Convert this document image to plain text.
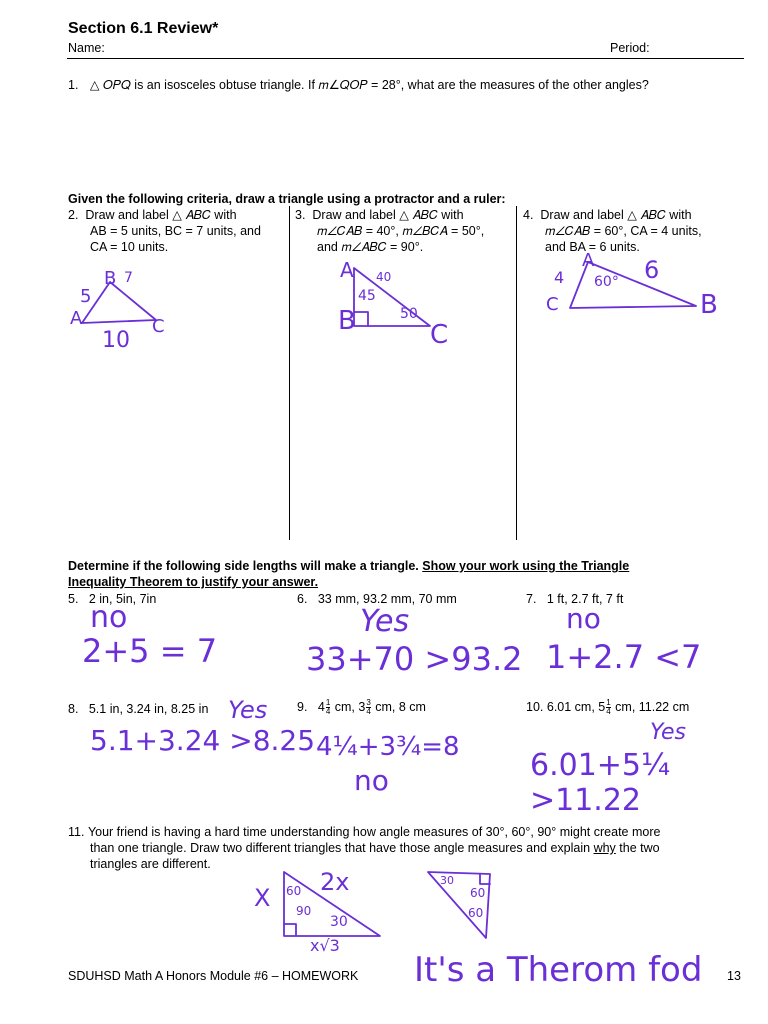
Section 6.1 Review*
Name:	Period:
1. △ 𝑂𝑃𝑄 is an isosceles obtuse triangle. If 𝑚∠𝑄𝑂𝑃 = 28°, what are the measures of the other angles?
Given the following criteria, draw a triangle using a protractor and a ruler:
2. Draw and label △ 𝐴𝐵𝐶 with
AB = 5 units, BC = 7 units, and
CA = 10 units.
3. Draw and label △ 𝐴𝐵𝐶 with
𝑚∠𝐶𝐴𝐵 = 40°, 𝑚∠𝐵𝐶𝐴 = 50°,
and 𝑚∠𝐴𝐵𝐶 = 90°.
4. Draw and label △ 𝐴𝐵𝐶 with
𝑚∠𝐶𝐴𝐵 = 60°, CA = 4 units,
and BA = 6 units.
5
B 7
A	C
10
A 40
45
B	50
C
4
A
60° 6
C	B
Determine if the following side lengths will make a triangle. Show your work using the Triangle
Inequality Theorem to justify your answer.
5. 2 in, 5in, 7in	6. 33 mm, 93.2 mm, 70 mm	7. 1 ft, 2.7 ft, 7 ft
no
2+5 = 7
Yes
33+70 >93.2
no
1+2.7 <7
8. 5.1 in, 3.24 in, 8.25 in	9. $4 \frac{1}{4}$ cm, $3 \frac{3}{4}$ cm, 8 cm	10. 6.01 cm, $5 \frac{1}{4}$ cm, 11.22 cm
Yes
5.1+3.24 >8.25 4¼+3¾=8
no
Yes
6.01+5¼ >11.22
11. Your friend is having a hard time understanding how angle measures of 30°, 60°, 90° might create more
than one triangle. Draw two different triangles that have those angle measures and explain why the two
triangles are different.
X
2x
60
90
30
x√3
30
60
60
It's a Therom fod
SDUHSD Math A Honors Module #6 – HOMEWORK	13
